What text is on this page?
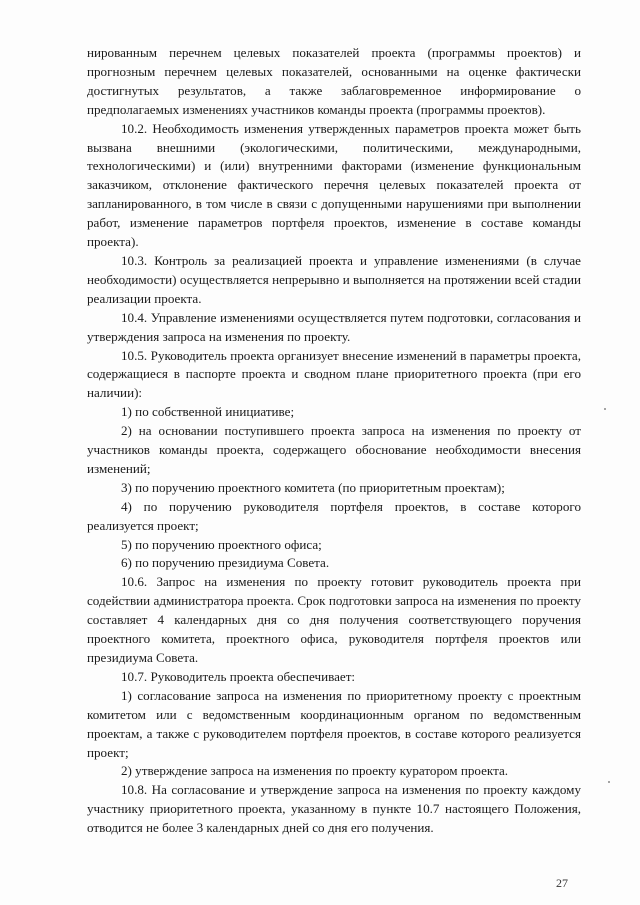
нированным перечнем целевых показателей проекта (программы проектов) и прогнозным перечнем целевых показателей, основанными на оценке фактически достигнутых результатов, а также заблаговременное информирование о предполагаемых изменениях участников команды проекта (программы проектов).

10.2. Необходимость изменения утвержденных параметров проекта может быть вызвана внешними (экологическими, политическими, международными, технологическими) и (или) внутренними факторами (изменение функциональным заказчиком, отклонение фактического перечня целевых показателей проекта от запланированного, в том числе в связи с допущенными нарушениями при выполнении работ, изменение параметров портфеля проектов, изменение в составе команды проекта).

10.3. Контроль за реализацией проекта и управление изменениями (в случае необходимости) осуществляется непрерывно и выполняется на протяжении всей стадии реализации проекта.

10.4. Управление изменениями осуществляется путем подготовки, согласования и утверждения запроса на изменения по проекту.

10.5. Руководитель проекта организует внесение изменений в параметры проекта, содержащиеся в паспорте проекта и сводном плане приоритетного проекта (при его наличии):

1) по собственной инициативе;

2) на основании поступившего проекта запроса на изменения по проекту от участников команды проекта, содержащего обоснование необходимости внесения изменений;

3) по поручению проектного комитета (по приоритетным проектам);

4) по поручению руководителя портфеля проектов, в составе которого реализуется проект;

5) по поручению проектного офиса;

6) по поручению президиума Совета.

10.6. Запрос на изменения по проекту готовит руководитель проекта при содействии администратора проекта. Срок подготовки запроса на изменения по проекту составляет 4 календарных дня со дня получения соответствующего поручения проектного комитета, проектного офиса, руководителя портфеля проектов или президиума Совета.

10.7. Руководитель проекта обеспечивает:

1) согласование запроса на изменения по приоритетному проекту с проектным комитетом или с ведомственным координационным органом по ведомственным проектам, а также с руководителем портфеля проектов, в составе которого реализуется проект;

2) утверждение запроса на изменения по проекту куратором проекта.

10.8. На согласование и утверждение запроса на изменения по проекту каждому участнику приоритетного проекта, указанному в пункте 10.7 настоящего Положения, отводится не более 3 календарных дней со дня его получения.

27
